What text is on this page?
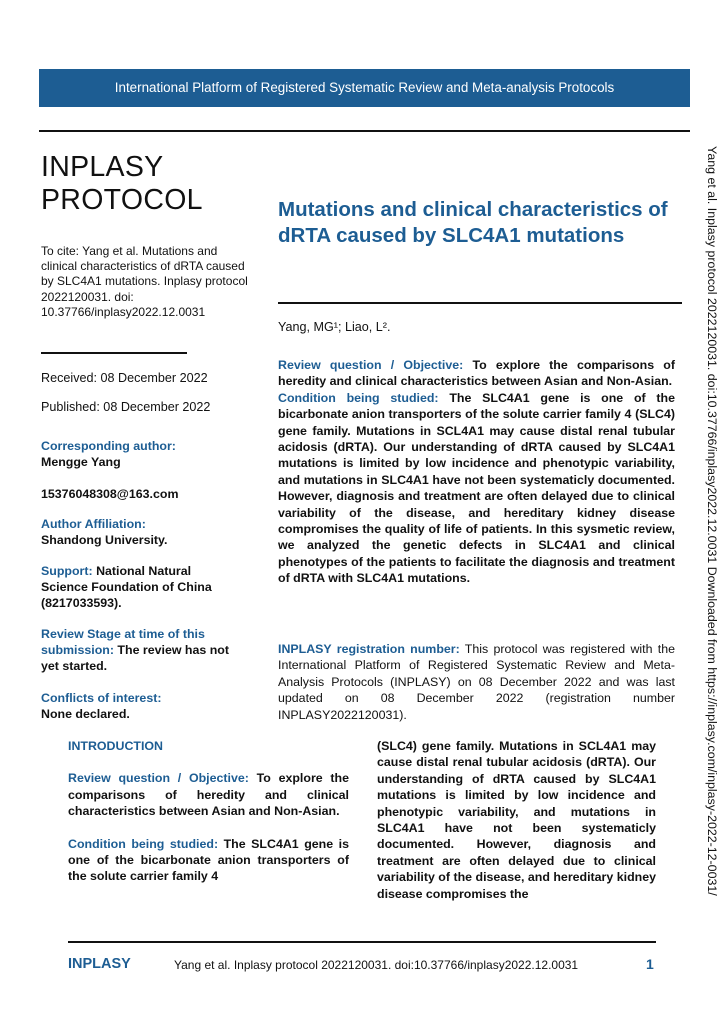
International Platform of Registered Systematic Review and Meta-analysis Protocols
INPLASY
PROTOCOL
To cite: Yang et al. Mutations and clinical characteristics of dRTA caused by SLC4A1 mutations. Inplasy protocol 2022120031. doi: 10.37766/inplasy2022.12.0031
Received: 08 December 2022
Published: 08 December 2022
Corresponding author:
Mengge Yang
15376048308@163.com
Author Affiliation:
Shandong University.
Support: National Natural Science Foundation of China (8217033593).
Review Stage at time of this submission: The review has not yet started.
Conflicts of interest:
None declared.
Mutations and clinical characteristics of dRTA caused by SLC4A1 mutations
Yang, MG¹; Liao, L².
Review question / Objective: To explore the comparisons of heredity and clinical characteristics between Asian and Non-Asian.
Condition being studied: The SLC4A1 gene is one of the bicarbonate anion transporters of the solute carrier family 4 (SLC4) gene family. Mutations in SCL4A1 may cause distal renal tubular acidosis (dRTA). Our understanding of dRTA caused by SLC4A1 mutations is limited by low incidence and phenotypic variability, and mutations in SLC4A1 have not been systematicly documented. However, diagnosis and treatment are often delayed due to clinical variability of the disease, and hereditary kidney disease compromises the quality of life of patients. In this sysmetic review, we analyzed the genetic defects in SLC4A1 and clinical phenotypes of the patients to facilitate the diagnosis and treatment of dRTA with SLC4A1 mutations.
INPLASY registration number: This protocol was registered with the International Platform of Registered Systematic Review and Meta-Analysis Protocols (INPLASY) on 08 December 2022 and was last updated on 08 December 2022 (registration number INPLASY2022120031).
INTRODUCTION
Review question / Objective: To explore the comparisons of heredity and clinical characteristics between Asian and Non-Asian.
Condition being studied: The SLC4A1 gene is one of the bicarbonate anion transporters of the solute carrier family 4
(SLC4) gene family. Mutations in SCL4A1 may cause distal renal tubular acidosis (dRTA). Our understanding of dRTA caused by SLC4A1 mutations is limited by low incidence and phenotypic variability, and mutations in SLC4A1 have not been systematicly documented. However, diagnosis and treatment are often delayed due to clinical variability of the disease, and hereditary kidney disease compromises the
INPLASY	Yang et al. Inplasy protocol 2022120031. doi:10.37766/inplasy2022.12.0031	1
Yang et al. Inplasy protocol 2022120031. doi:10.37766/inplasy2022.12.0031 Downloaded from https://inplasy.com/inplasy-2022-12-0031/
